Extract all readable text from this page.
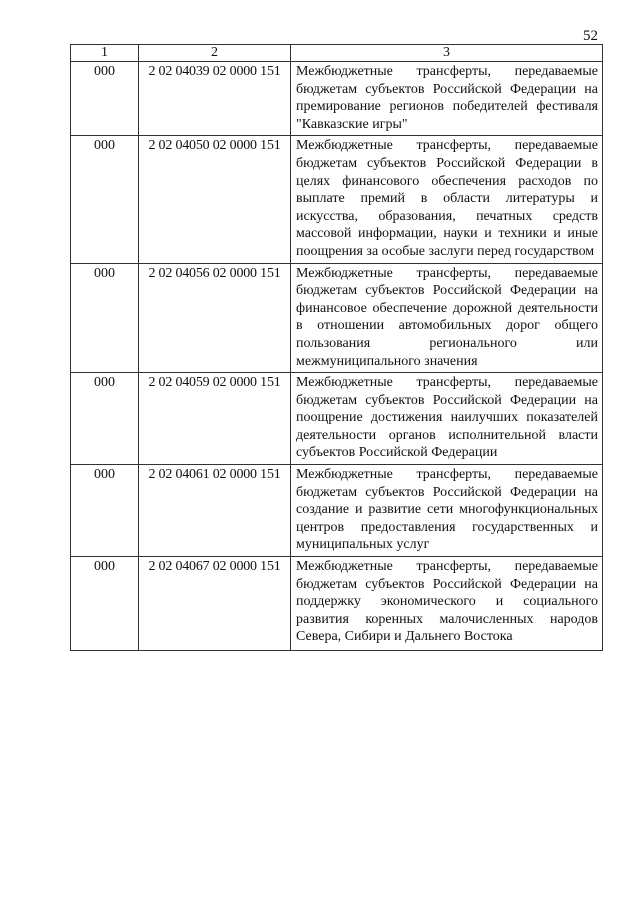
52
1	2	3
000	2 02 04039 02 0000 151	Межбюджетные трансферты, передаваемые бюджетам субъектов Российской Федерации на премирование регионов победителей фестиваля "Кавказские игры"
000	2 02 04050 02 0000 151	Межбюджетные трансферты, передаваемые бюджетам субъектов Российской Федерации в целях финансового обеспечения расходов по выплате премий в области литературы и искусства, образования, печатных средств массовой информации, науки и техники и иные поощрения за особые заслуги перед государством
000	2 02 04056 02 0000 151	Межбюджетные трансферты, передаваемые бюджетам субъектов Российской Федерации на финансовое обеспечение дорожной деятельности в отношении автомобильных дорог общего пользования регионального или межмуниципального значения
000	2 02 04059 02 0000 151	Межбюджетные трансферты, передаваемые бюджетам субъектов Российской Федерации на поощрение достижения наилучших показателей деятельности органов исполнительной власти субъектов Российской Федерации
000	2 02 04061 02 0000 151	Межбюджетные трансферты, передаваемые бюджетам субъектов Российской Федерации на создание и развитие сети многофункциональных центров предоставления государственных и муниципальных услуг
000	2 02 04067 02 0000 151	Межбюджетные трансферты, передаваемые бюджетам субъектов Российской Федерации на поддержку экономического и социального развития коренных малочисленных народов Севера, Сибири и Дальнего Востока
